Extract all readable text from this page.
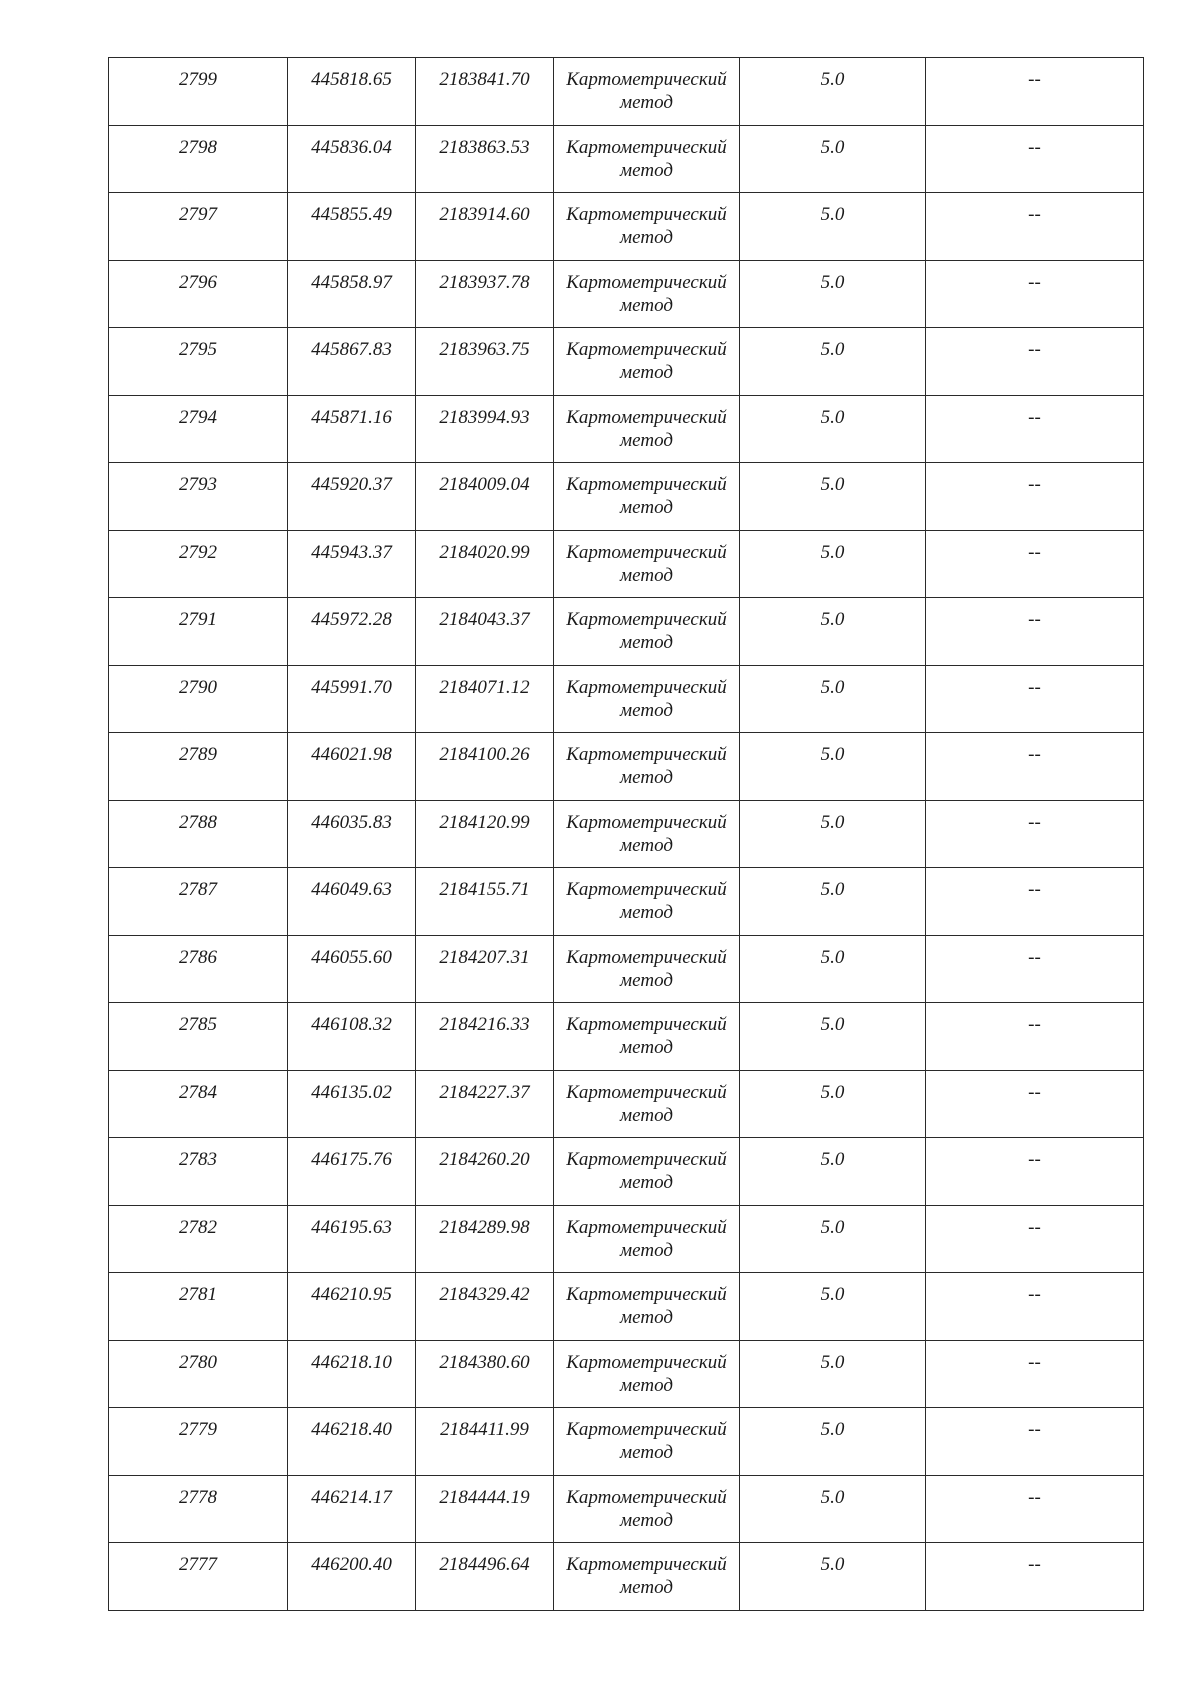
2799	445818.65	2183841.70	Картометрический
метод	5.0	--

2798	445836.04	2183863.53	Картометрический
метод	5.0	--

2797	445855.49	2183914.60	Картометрический
метод	5.0	--

2796	445858.97	2183937.78	Картометрический
метод	5.0	--

2795	445867.83	2183963.75	Картометрический
метод	5.0	--

2794	445871.16	2183994.93	Картометрический
метод	5.0	--

2793	445920.37	2184009.04	Картометрический
метод	5.0	--

2792	445943.37	2184020.99	Картометрический
метод	5.0	--

2791	445972.28	2184043.37	Картометрический
метод	5.0	--

2790	445991.70	2184071.12	Картометрический
метод	5.0	--

2789	446021.98	2184100.26	Картометрический
метод	5.0	--

2788	446035.83	2184120.99	Картометрический
метод	5.0	--

2787	446049.63	2184155.71	Картометрический
метод	5.0	--

2786	446055.60	2184207.31	Картометрический
метод	5.0	--

2785	446108.32	2184216.33	Картометрический
метод	5.0	--

2784	446135.02	2184227.37	Картометрический
метод	5.0	--

2783	446175.76	2184260.20	Картометрический
метод	5.0	--

2782	446195.63	2184289.98	Картометрический
метод	5.0	--

2781	446210.95	2184329.42	Картометрический
метод	5.0	--

2780	446218.10	2184380.60	Картометрический
метод	5.0	--

2779	446218.40	2184411.99	Картометрический
метод	5.0	--

2778	446214.17	2184444.19	Картометрический
метод	5.0	--

2777	446200.40	2184496.64	Картометрический
метод	5.0	--
